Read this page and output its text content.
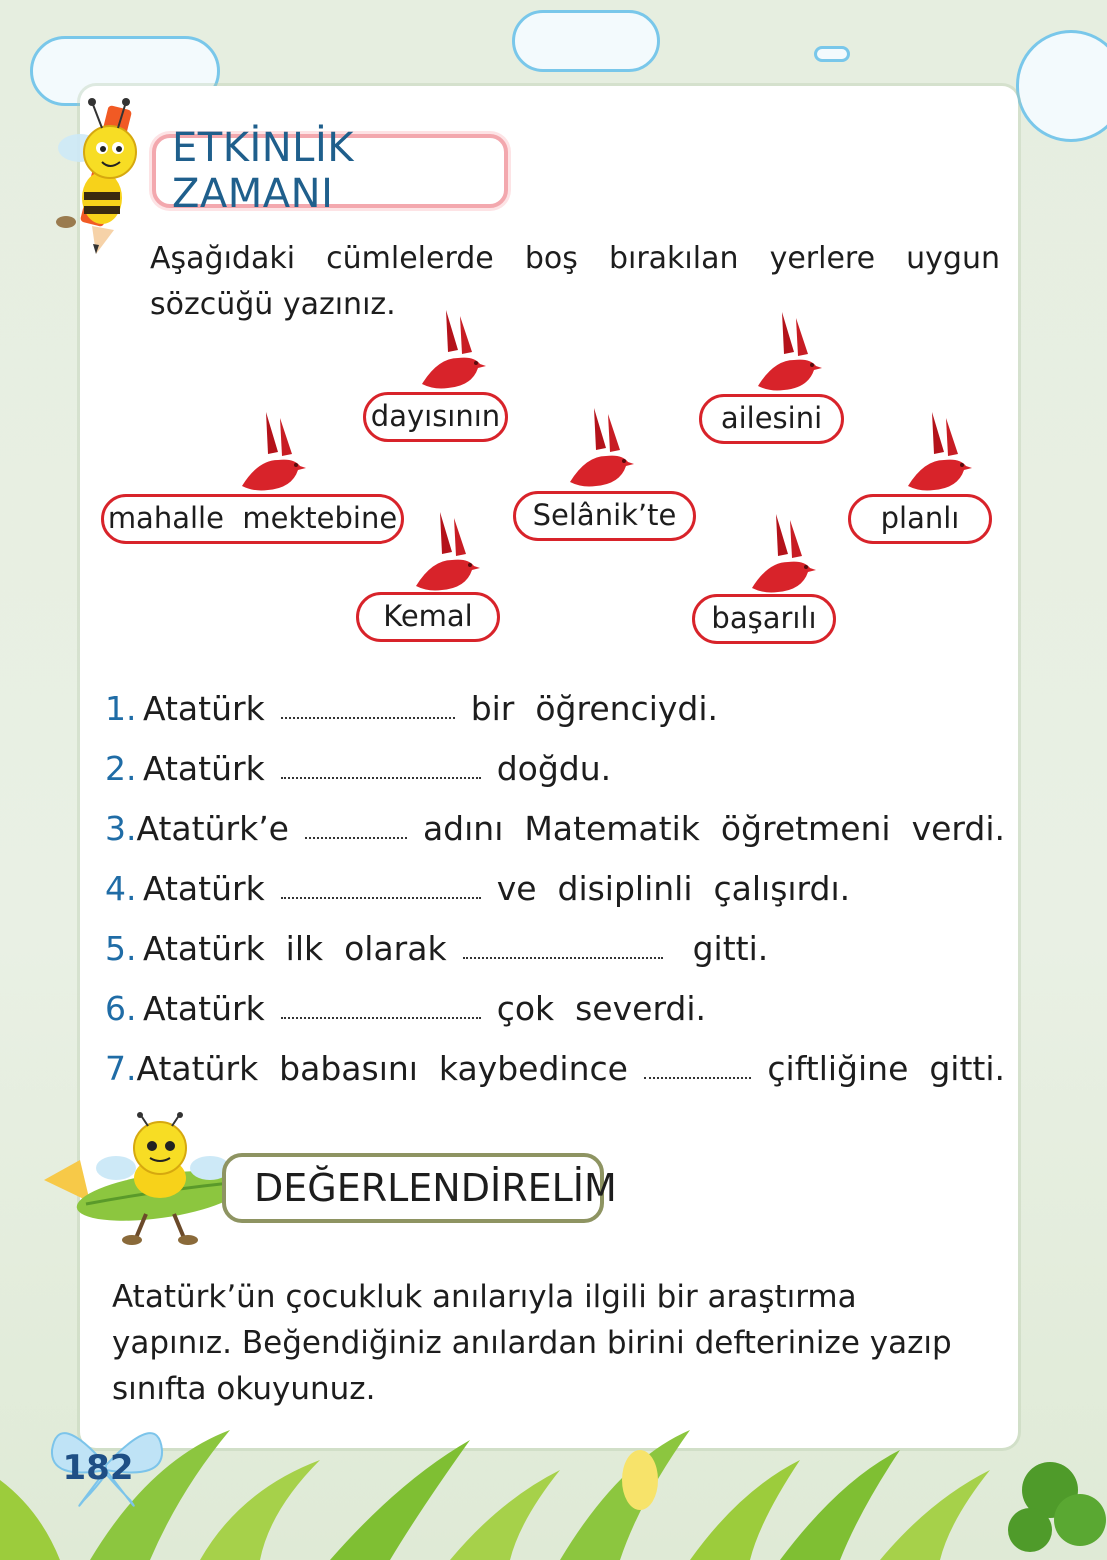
ETKİNLİK ZAMANI
Aşağıdaki cümlelerde boş bırakılan yerlere uygun sözcüğü yazınız.
dayısının	ailesini
mahalle  mektebine	Selânik’te	planlı
Kemal	başarılı
1. Atatürk	bir  öğrenciydi.
2. Atatürk	doğdu.
3. Atatürk’e	adını  Matematik  öğretmeni  verdi.
4. Atatürk	ve  disiplinli  çalışırdı.
5. Atatürk  ilk  olarak	gitti.
6. Atatürk	çok  severdi.
7. Atatürk  babasını  kaybedince	çiftliğine  gitti.
DEĞERLENDİRELİM
Atatürk’ün çocukluk anılarıyla ilgili bir araştırma yapınız. Beğendiğiniz anılardan birini defterinize yazıp sınıfta okuyunuz.
182
